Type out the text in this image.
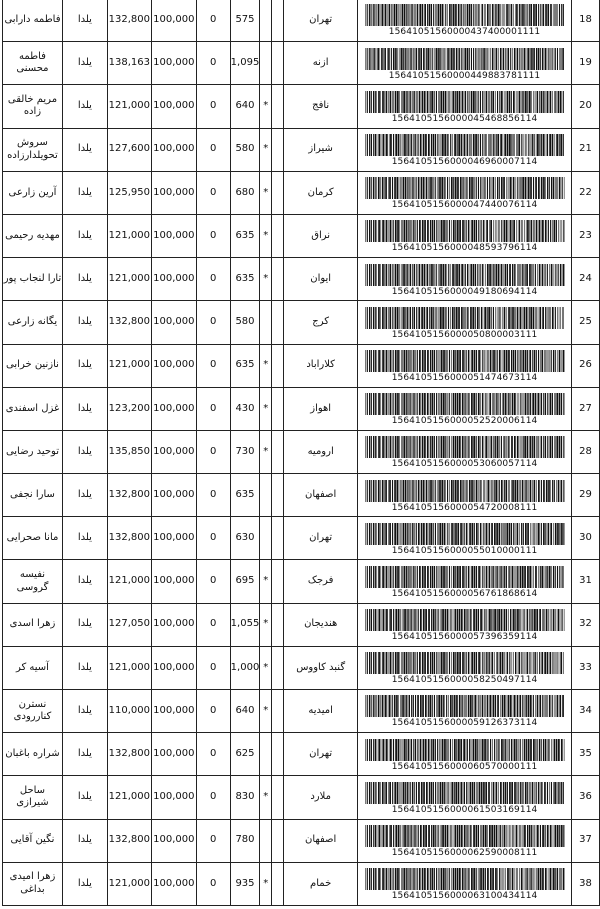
فاطمه دارابی	یلدا	132,800	100,000	0	575			تهران	15641051560000437400001111	18
فاطمه محسنی	یلدا	138,163	100,000	0	1,095			ازنه	15641051560000449883781111	19
مریم خالقی زاده	یلدا	121,000	100,000	0	640	*		نافج	1564105156000045468856114	20
سروش تحویلدارزاده	یلدا	127,600	100,000	0	580	*		شیراز	1564105156000046960007114	21
آرین زارعی	یلدا	125,950	100,000	0	680	*		کرمان	1564105156000047440076114	22
مهدیه رحیمی	یلدا	121,000	100,000	0	635	*		نراق	1564105156000048593796114	23
تارا لنجاب پور	یلدا	121,000	100,000	0	635	*		ایوان	1564105156000049180694114	24
یگانه زارعی	یلدا	132,800	100,000	0	580			کرج	1564105156000050800003111	25
نازنین خرابی	یلدا	121,000	100,000	0	635	*		کلاراباد	1564105156000051474673114	26
غزل اسفندی	یلدا	123,200	100,000	0	430	*		اهواز	1564105156000052520006114	27
توحید رضایی	یلدا	135,850	100,000	0	730	*		ارومیه	1564105156000053060057114	28
سارا نجفی	یلدا	132,800	100,000	0	635			اصفهان	1564105156000054720008111	29
مانا صحرایی	یلدا	132,800	100,000	0	630			تهران	1564105156000055010000111	30
نفیسه گروسی	یلدا	121,000	100,000	0	695	*		فرجک	1564105156000056761868614	31
زهرا اسدی	یلدا	127,050	100,000	0	1,055	*		هندیجان	1564105156000057396359114	32
آسیه کر	یلدا	121,000	100,000	0	1,000	*		گنبد کاووس	1564105156000058250497114	33
نسترن کناررودی	یلدا	110,000	100,000	0	640	*		امیدیه	1564105156000059126373114	34
شراره باغبان	یلدا	132,800	100,000	0	625			تهران	1564105156000060570000111	35
ساحل شیرازی	یلدا	121,000	100,000	0	830	*		ملارد	1564105156000061503169114	36
نگین آقایی	یلدا	132,800	100,000	0	780			اصفهان	1564105156000062590008111	37
زهرا امیدی بداغی	یلدا	121,000	100,000	0	935	*		خمام	1564105156000063100434114	38
